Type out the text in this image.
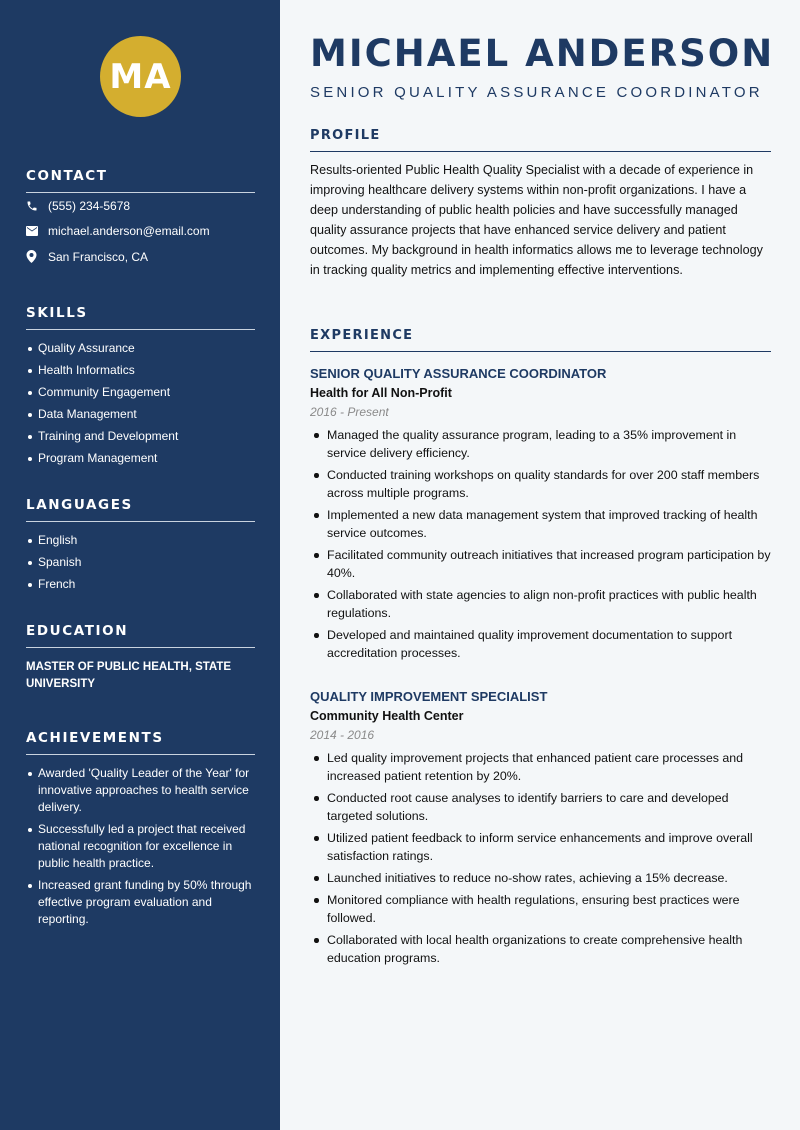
MA
CONTACT
(555) 234-5678
michael.anderson@email.com
San Francisco, CA
SKILLS
Quality Assurance
Health Informatics
Community Engagement
Data Management
Training and Development
Program Management
LANGUAGES
English
Spanish
French
EDUCATION
MASTER OF PUBLIC HEALTH, STATE UNIVERSITY
ACHIEVEMENTS
Awarded 'Quality Leader of the Year' for innovative approaches to health service delivery.
Successfully led a project that received national recognition for excellence in public health practice.
Increased grant funding by 50% through effective program evaluation and reporting.
MICHAEL ANDERSON
SENIOR QUALITY ASSURANCE COORDINATOR
PROFILE
Results-oriented Public Health Quality Specialist with a decade of experience in improving healthcare delivery systems within non-profit organizations. I have a deep understanding of public health policies and have successfully managed quality assurance projects that have enhanced service delivery and patient outcomes. My background in health informatics allows me to leverage technology in tracking quality metrics and implementing effective interventions.
EXPERIENCE
SENIOR QUALITY ASSURANCE COORDINATOR
Health for All Non-Profit
2016 - Present
Managed the quality assurance program, leading to a 35% improvement in service delivery efficiency.
Conducted training workshops on quality standards for over 200 staff members across multiple programs.
Implemented a new data management system that improved tracking of health service outcomes.
Facilitated community outreach initiatives that increased program participation by 40%.
Collaborated with state agencies to align non-profit practices with public health regulations.
Developed and maintained quality improvement documentation to support accreditation processes.
QUALITY IMPROVEMENT SPECIALIST
Community Health Center
2014 - 2016
Led quality improvement projects that enhanced patient care processes and increased patient retention by 20%.
Conducted root cause analyses to identify barriers to care and developed targeted solutions.
Utilized patient feedback to inform service enhancements and improve overall satisfaction ratings.
Launched initiatives to reduce no-show rates, achieving a 15% decrease.
Monitored compliance with health regulations, ensuring best practices were followed.
Collaborated with local health organizations to create comprehensive health education programs.
